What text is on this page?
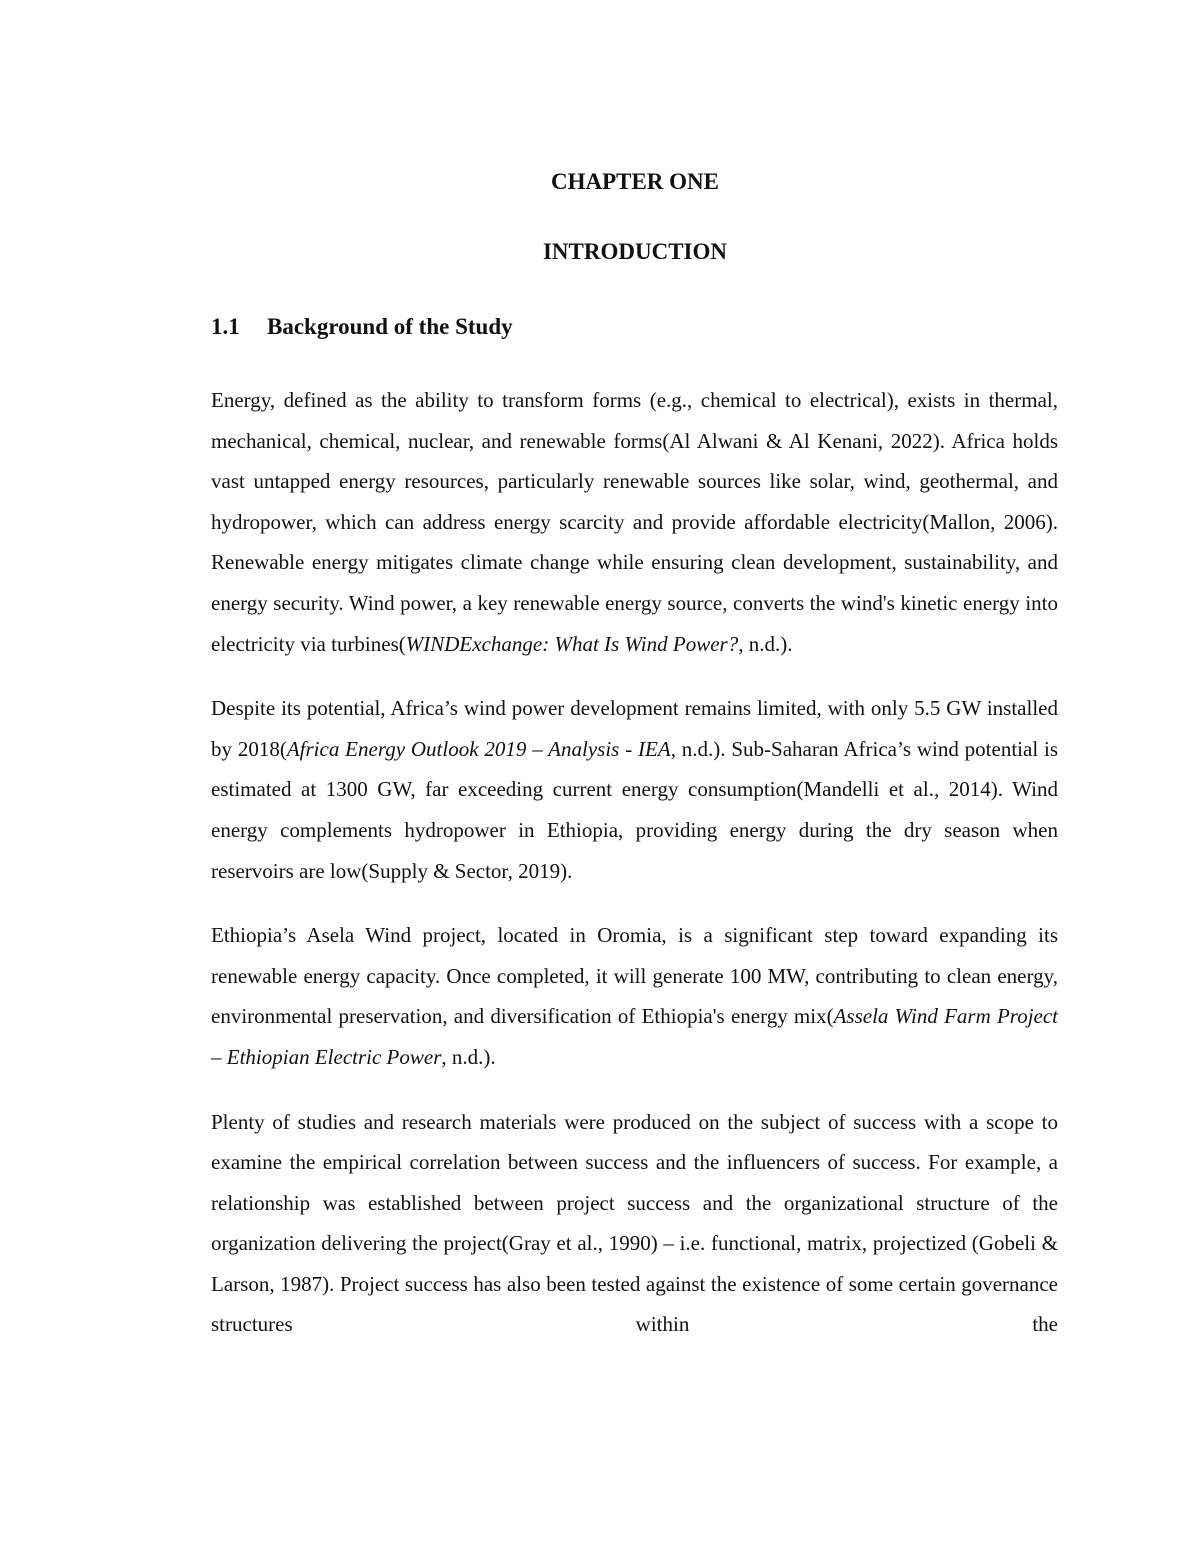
CHAPTER ONE
INTRODUCTION
1.1 Background of the Study

Energy, defined as the ability to transform forms (e.g., chemical to electrical), exists in thermal, mechanical, chemical, nuclear, and renewable forms(Al Alwani & Al Kenani, 2022). Africa holds vast untapped energy resources, particularly renewable sources like solar, wind, geothermal, and hydropower, which can address energy scarcity and provide affordable electricity(Mallon, 2006). Renewable energy mitigates climate change while ensuring clean development, sustainability, and energy security. Wind power, a key renewable energy source, converts the wind's kinetic energy into electricity via turbines(WINDExchange: What Is Wind Power?, n.d.).

Despite its potential, Africa’s wind power development remains limited, with only 5.5 GW installed by 2018(Africa Energy Outlook 2019 – Analysis - IEA, n.d.). Sub-Saharan Africa’s wind potential is estimated at 1300 GW, far exceeding current energy consumption(Mandelli et al., 2014). Wind energy complements hydropower in Ethiopia, providing energy during the dry season when reservoirs are low(Supply & Sector, 2019).

Ethiopia’s Asela Wind project, located in Oromia, is a significant step toward expanding its renewable energy capacity. Once completed, it will generate 100 MW, contributing to clean energy, environmental preservation, and diversification of Ethiopia's energy mix(Assela Wind Farm Project – Ethiopian Electric Power, n.d.).

Plenty of studies and research materials were produced on the subject of success with a scope to examine the empirical correlation between success and the influencers of success. For example, a relationship was established between project success and the organizational structure of the organization delivering the project(Gray et al., 1990) – i.e. functional, matrix, projectized (Gobeli & Larson, 1987). Project success has also been tested against the existence of some certain governance structures within the
